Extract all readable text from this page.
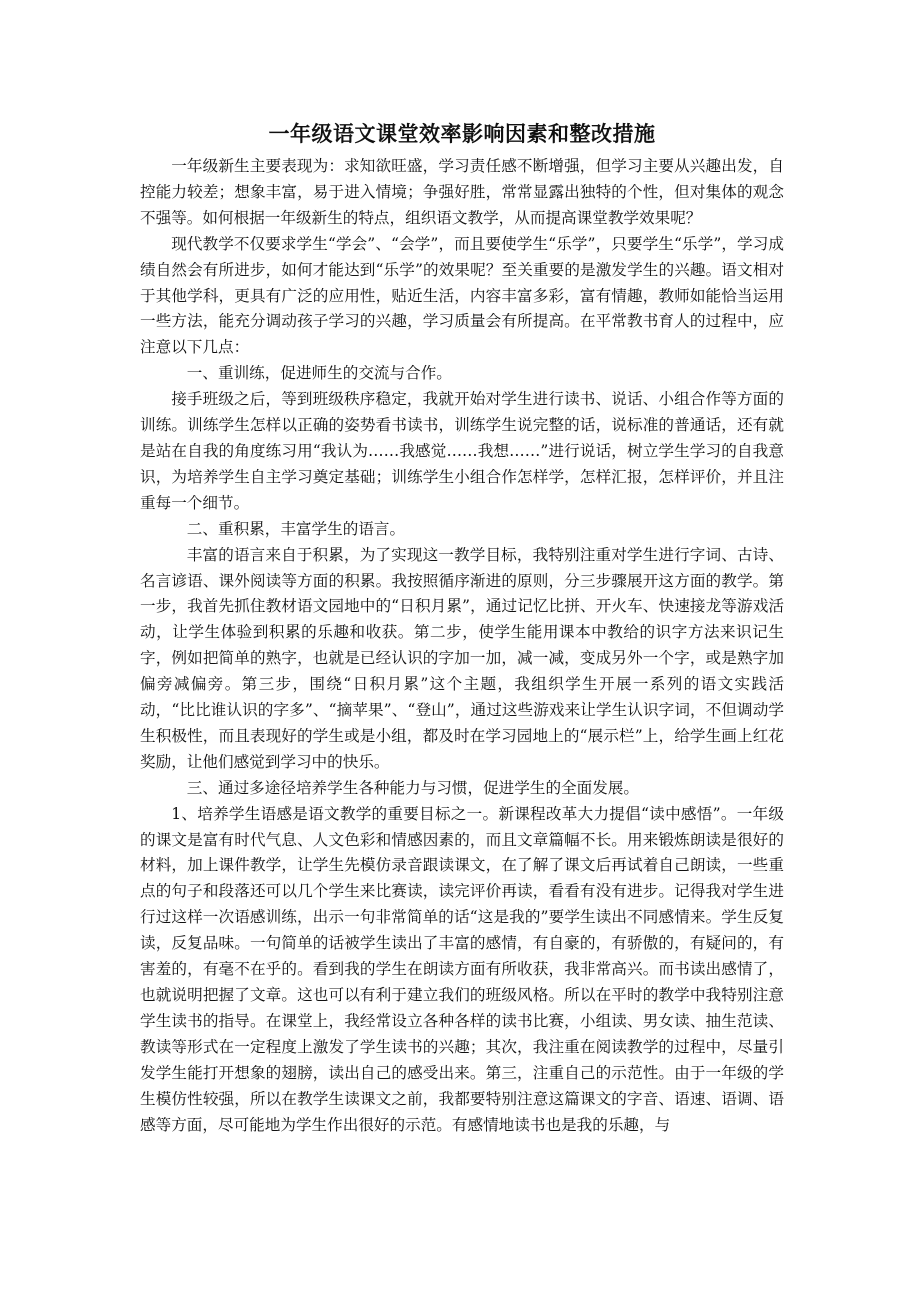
一年级语文课堂效率影响因素和整改措施

一年级新生主要表现为：求知欲旺盛，学习责任感不断增强，但学习主要从兴趣出发，自控能力较差；想象丰富，易于进入情境；争强好胜，常常显露出独特的个性，但对集体的观念不强等。如何根据一年级新生的特点，组织语文教学，从而提高课堂教学效果呢？

现代教学不仅要求学生“学会”、“会学”，而且要使学生“乐学”，只要学生“乐学”，学习成绩自然会有所进步，如何才能达到“乐学”的效果呢？至关重要的是激发学生的兴趣。语文相对于其他学科，更具有广泛的应用性，贴近生活，内容丰富多彩，富有情趣，教师如能恰当运用一些方法，能充分调动孩子学习的兴趣，学习质量会有所提高。在平常教书育人的过程中，应注意以下几点：

一、重训练，促进师生的交流与合作。

接手班级之后，等到班级秩序稳定，我就开始对学生进行读书、说话、小组合作等方面的训练。训练学生怎样以正确的姿势看书读书，训练学生说完整的话，说标准的普通话，还有就是站在自我的角度练习用“我认为……我感觉……我想……”进行说话，树立学生学习的自我意识，为培养学生自主学习奠定基础；训练学生小组合作怎样学，怎样汇报，怎样评价，并且注重每一个细节。

二、重积累，丰富学生的语言。

丰富的语言来自于积累，为了实现这一教学目标，我特别注重对学生进行字词、古诗、名言谚语、课外阅读等方面的积累。我按照循序渐进的原则，分三步骤展开这方面的教学。第一步，我首先抓住教材语文园地中的“日积月累”，通过记忆比拼、开火车、快速接龙等游戏活动，让学生体验到积累的乐趣和收获。第二步，使学生能用课本中教给的识字方法来识记生字，例如把简单的熟字，也就是已经认识的字加一加，减一减，变成另外一个字，或是熟字加偏旁减偏旁。第三步，围绕“日积月累”这个主题，我组织学生开展一系列的语文实践活动，“比比谁认识的字多”、“摘苹果”、“登山”，通过这些游戏来让学生认识字词，不但调动学生积极性，而且表现好的学生或是小组，都及时在学习园地上的“展示栏”上，给学生画上红花奖励，让他们感觉到学习中的快乐。

三、通过多途径培养学生各种能力与习惯，促进学生的全面发展。

1、培养学生语感是语文教学的重要目标之一。新课程改革大力提倡“读中感悟”。一年级的课文是富有时代气息、人文色彩和情感因素的，而且文章篇幅不长。用来锻炼朗读是很好的材料，加上课件教学，让学生先模仿录音跟读课文，在了解了课文后再试着自己朗读，一些重点的句子和段落还可以几个学生来比赛读，读完评价再读，看看有没有进步。记得我对学生进行过这样一次语感训练，出示一句非常简单的话“这是我的”要学生读出不同感情来。学生反复读，反复品味。一句简单的话被学生读出了丰富的感情，有自豪的，有骄傲的，有疑问的，有害羞的，有毫不在乎的。看到我的学生在朗读方面有所收获，我非常高兴。而书读出感情了，也就说明把握了文章。这也可以有利于建立我们的班级风格。所以在平时的教学中我特别注意学生读书的指导。在课堂上，我经常设立各种各样的读书比赛，小组读、男女读、抽生范读、教读等形式在一定程度上激发了学生读书的兴趣；其次，我注重在阅读教学的过程中，尽量引发学生能打开想象的翅膀，读出自己的感受出来。第三，注重自己的示范性。由于一年级的学生模仿性较强，所以在教学生读课文之前，我都要特别注意这篇课文的字音、语速、语调、语感等方面，尽可能地为学生作出很好的示范。有感情地读书也是我的乐趣，与
